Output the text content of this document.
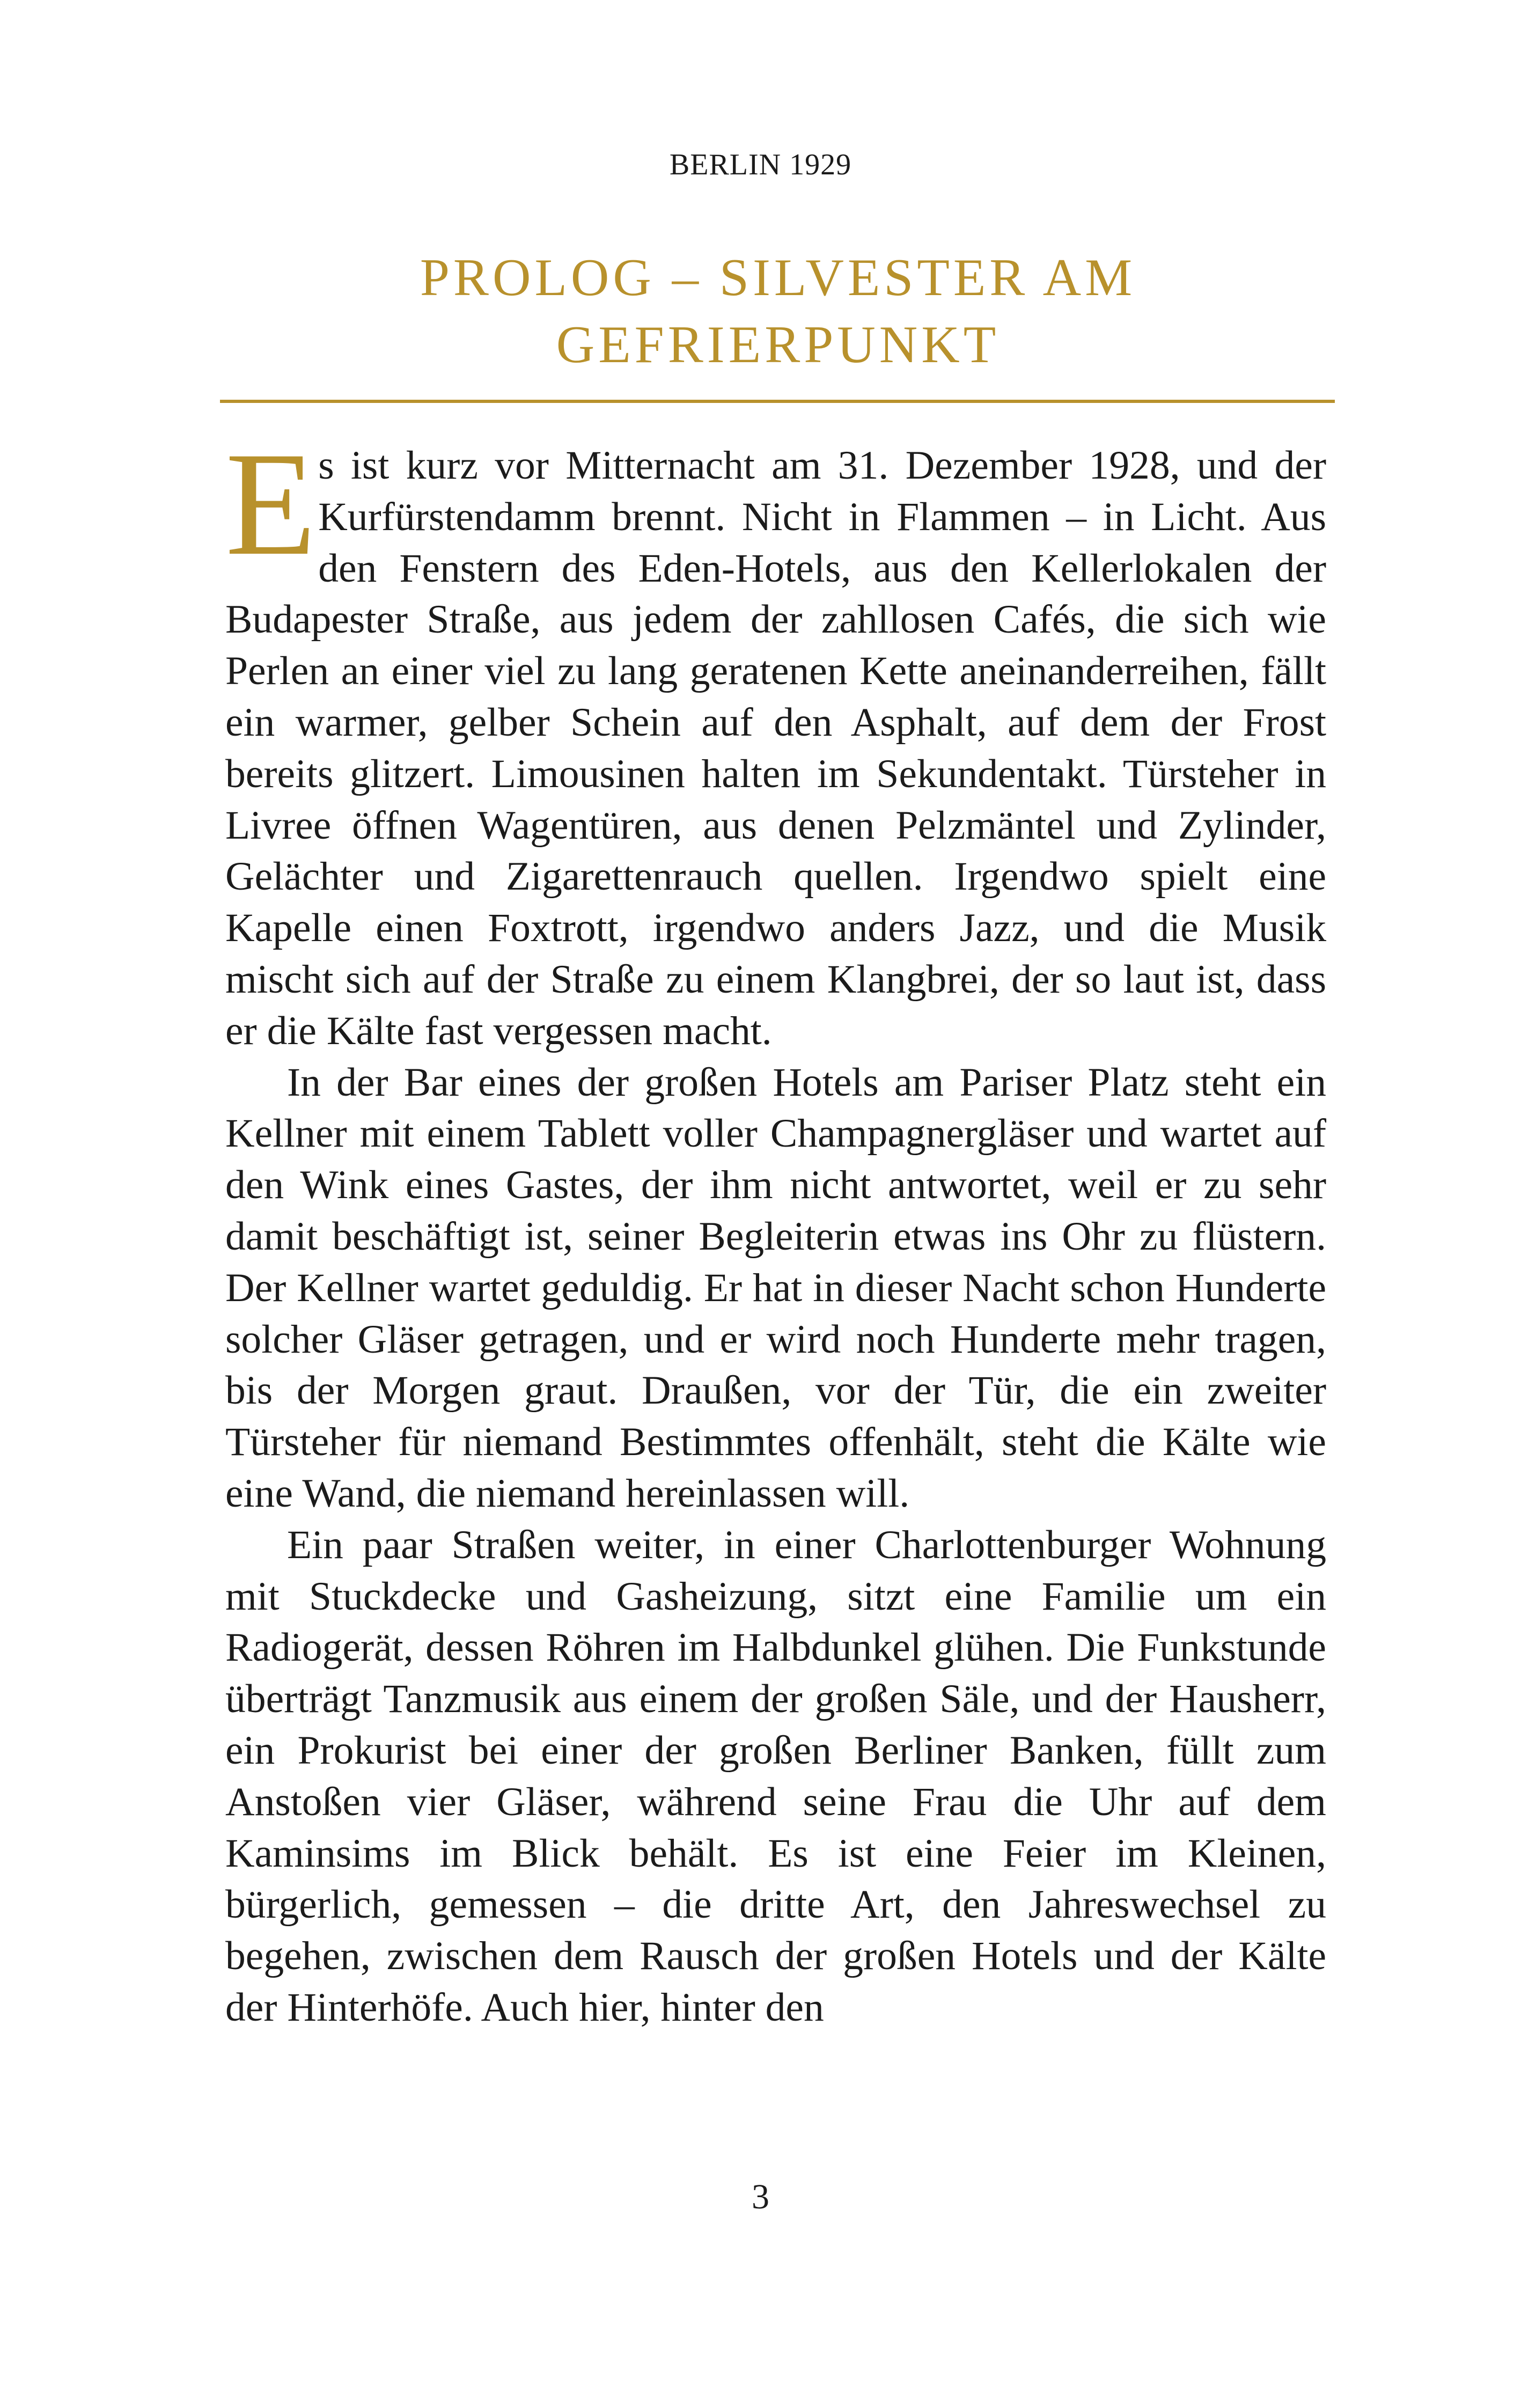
BERLIN 1929
PROLOG – SILVESTER AM GEFRIERPUNKT

Es ist kurz vor Mitternacht am 31. Dezember 1928, und der Kurfürstendamm brennt. Nicht in Flammen – in Licht. Aus den Fenstern des Eden-Hotels, aus den Kellerlokalen der Budapester Straße, aus jedem der zahllosen Cafés, die sich wie Perlen an einer viel zu lang geratenen Kette aneinanderreihen, fällt ein warmer, gelber Schein auf den Asphalt, auf dem der Frost bereits glitzert. Limousinen halten im Sekundentakt. Türsteher in Livree öffnen Wagentüren, aus denen Pelzmäntel und Zylinder, Gelächter und Zigarettenrauch quellen. Irgendwo spielt eine Kapelle einen Foxtrott, irgendwo anders Jazz, und die Musik mischt sich auf der Straße zu einem Klangbrei, der so laut ist, dass er die Kälte fast vergessen macht.

In der Bar eines der großen Hotels am Pariser Platz steht ein Kellner mit einem Tablett voller Champagnergläser und wartet auf den Wink eines Gastes, der ihm nicht antwortet, weil er zu sehr damit beschäftigt ist, seiner Begleiterin etwas ins Ohr zu flüstern. Der Kellner wartet geduldig. Er hat in dieser Nacht schon Hunderte solcher Gläser getragen, und er wird noch Hunderte mehr tragen, bis der Morgen graut. Draußen, vor der Tür, die ein zweiter Türsteher für niemand Bestimmtes offenhält, steht die Kälte wie eine Wand, die niemand hereinlassen will.

Ein paar Straßen weiter, in einer Charlottenburger Wohnung mit Stuckdecke und Gasheizung, sitzt eine Familie um ein Radiogerät, dessen Röhren im Halbdunkel glühen. Die Funkstunde überträgt Tanzmusik aus einem der großen Säle, und der Hausherr, ein Prokurist bei einer der großen Berliner Banken, füllt zum Anstoßen vier Gläser, während seine Frau die Uhr auf dem Kaminsims im Blick behält. Es ist eine Feier im Kleinen, bürgerlich, gemessen – die dritte Art, den Jahreswechsel zu begehen, zwischen dem Rausch der großen Hotels und der Kälte der Hinterhöfe. Auch hier, hinter den

3
